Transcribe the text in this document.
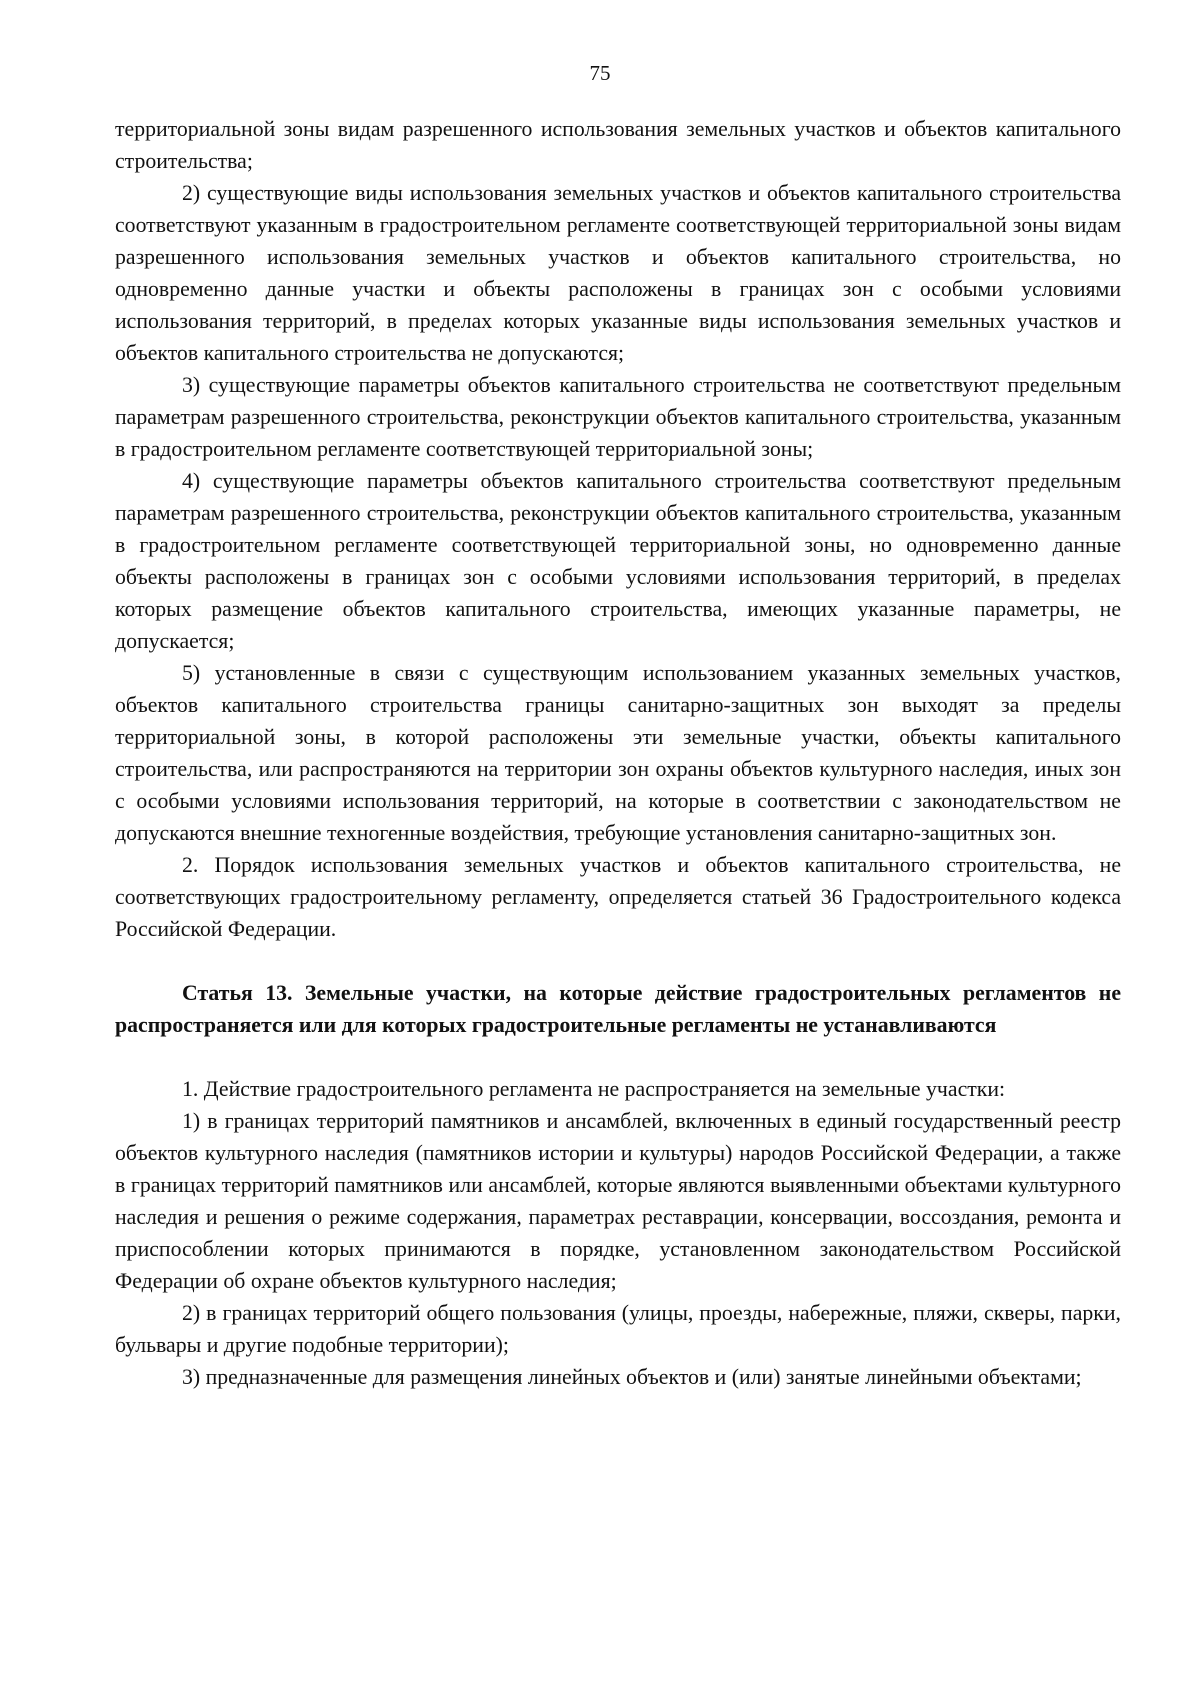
75

территориальной зоны видам разрешенного использования земельных участков и объектов капитального строительства;

2) существующие виды использования земельных участков и объектов капитального строительства соответствуют указанным в градостроительном регламенте соответствующей территориальной зоны видам разрешенного использования земельных участков и объектов капитального строительства, но одновременно данные участки и объекты расположены в границах зон с особыми условиями использования территорий, в пределах которых указанные виды использования земельных участков и объектов капитального строительства не допускаются;

3) существующие параметры объектов капитального строительства не соответствуют предельным параметрам разрешенного строительства, реконструкции объектов капитального строительства, указанным в градостроительном регламенте соответствующей территориальной зоны;

4) существующие параметры объектов капитального строительства соответствуют предельным параметрам разрешенного строительства, реконструкции объектов капитального строительства, указанным в градостроительном регламенте соответствующей территориальной зоны, но одновременно данные объекты расположены в границах зон с особыми условиями использования территорий, в пределах которых размещение объектов капитального строительства, имеющих указанные параметры, не допускается;

5) установленные в связи с существующим использованием указанных земельных участков, объектов капитального строительства границы санитарно-защитных зон выходят за пределы территориальной зоны, в которой расположены эти земельные участки, объекты капитального строительства, или распространяются на территории зон охраны объектов культурного наследия, иных зон с особыми условиями использования территорий, на которые в соответствии с законодательством не допускаются внешние техногенные воздействия, требующие установления санитарно-защитных зон.

2. Порядок использования земельных участков и объектов капитального строительства, не соответствующих градостроительному регламенту, определяется статьей 36 Градостроительного кодекса Российской Федерации.

Статья 13. Земельные участки, на которые действие градостроительных регламентов не распространяется или для которых градостроительные регламенты не устанавливаются

1. Действие градостроительного регламента не распространяется на земельные участки:

1) в границах территорий памятников и ансамблей, включенных в единый государственный реестр объектов культурного наследия (памятников истории и культуры) народов Российской Федерации, а также в границах территорий памятников или ансамблей, которые являются выявленными объектами культурного наследия и решения о режиме содержания, параметрах реставрации, консервации, воссоздания, ремонта и приспособлении которых принимаются в порядке, установленном законодательством Российской Федерации об охране объектов культурного наследия;

2) в границах территорий общего пользования (улицы, проезды, набережные, пляжи, скверы, парки, бульвары и другие подобные территории);

3) предназначенные для размещения линейных объектов и (или) занятые линейными объектами;
